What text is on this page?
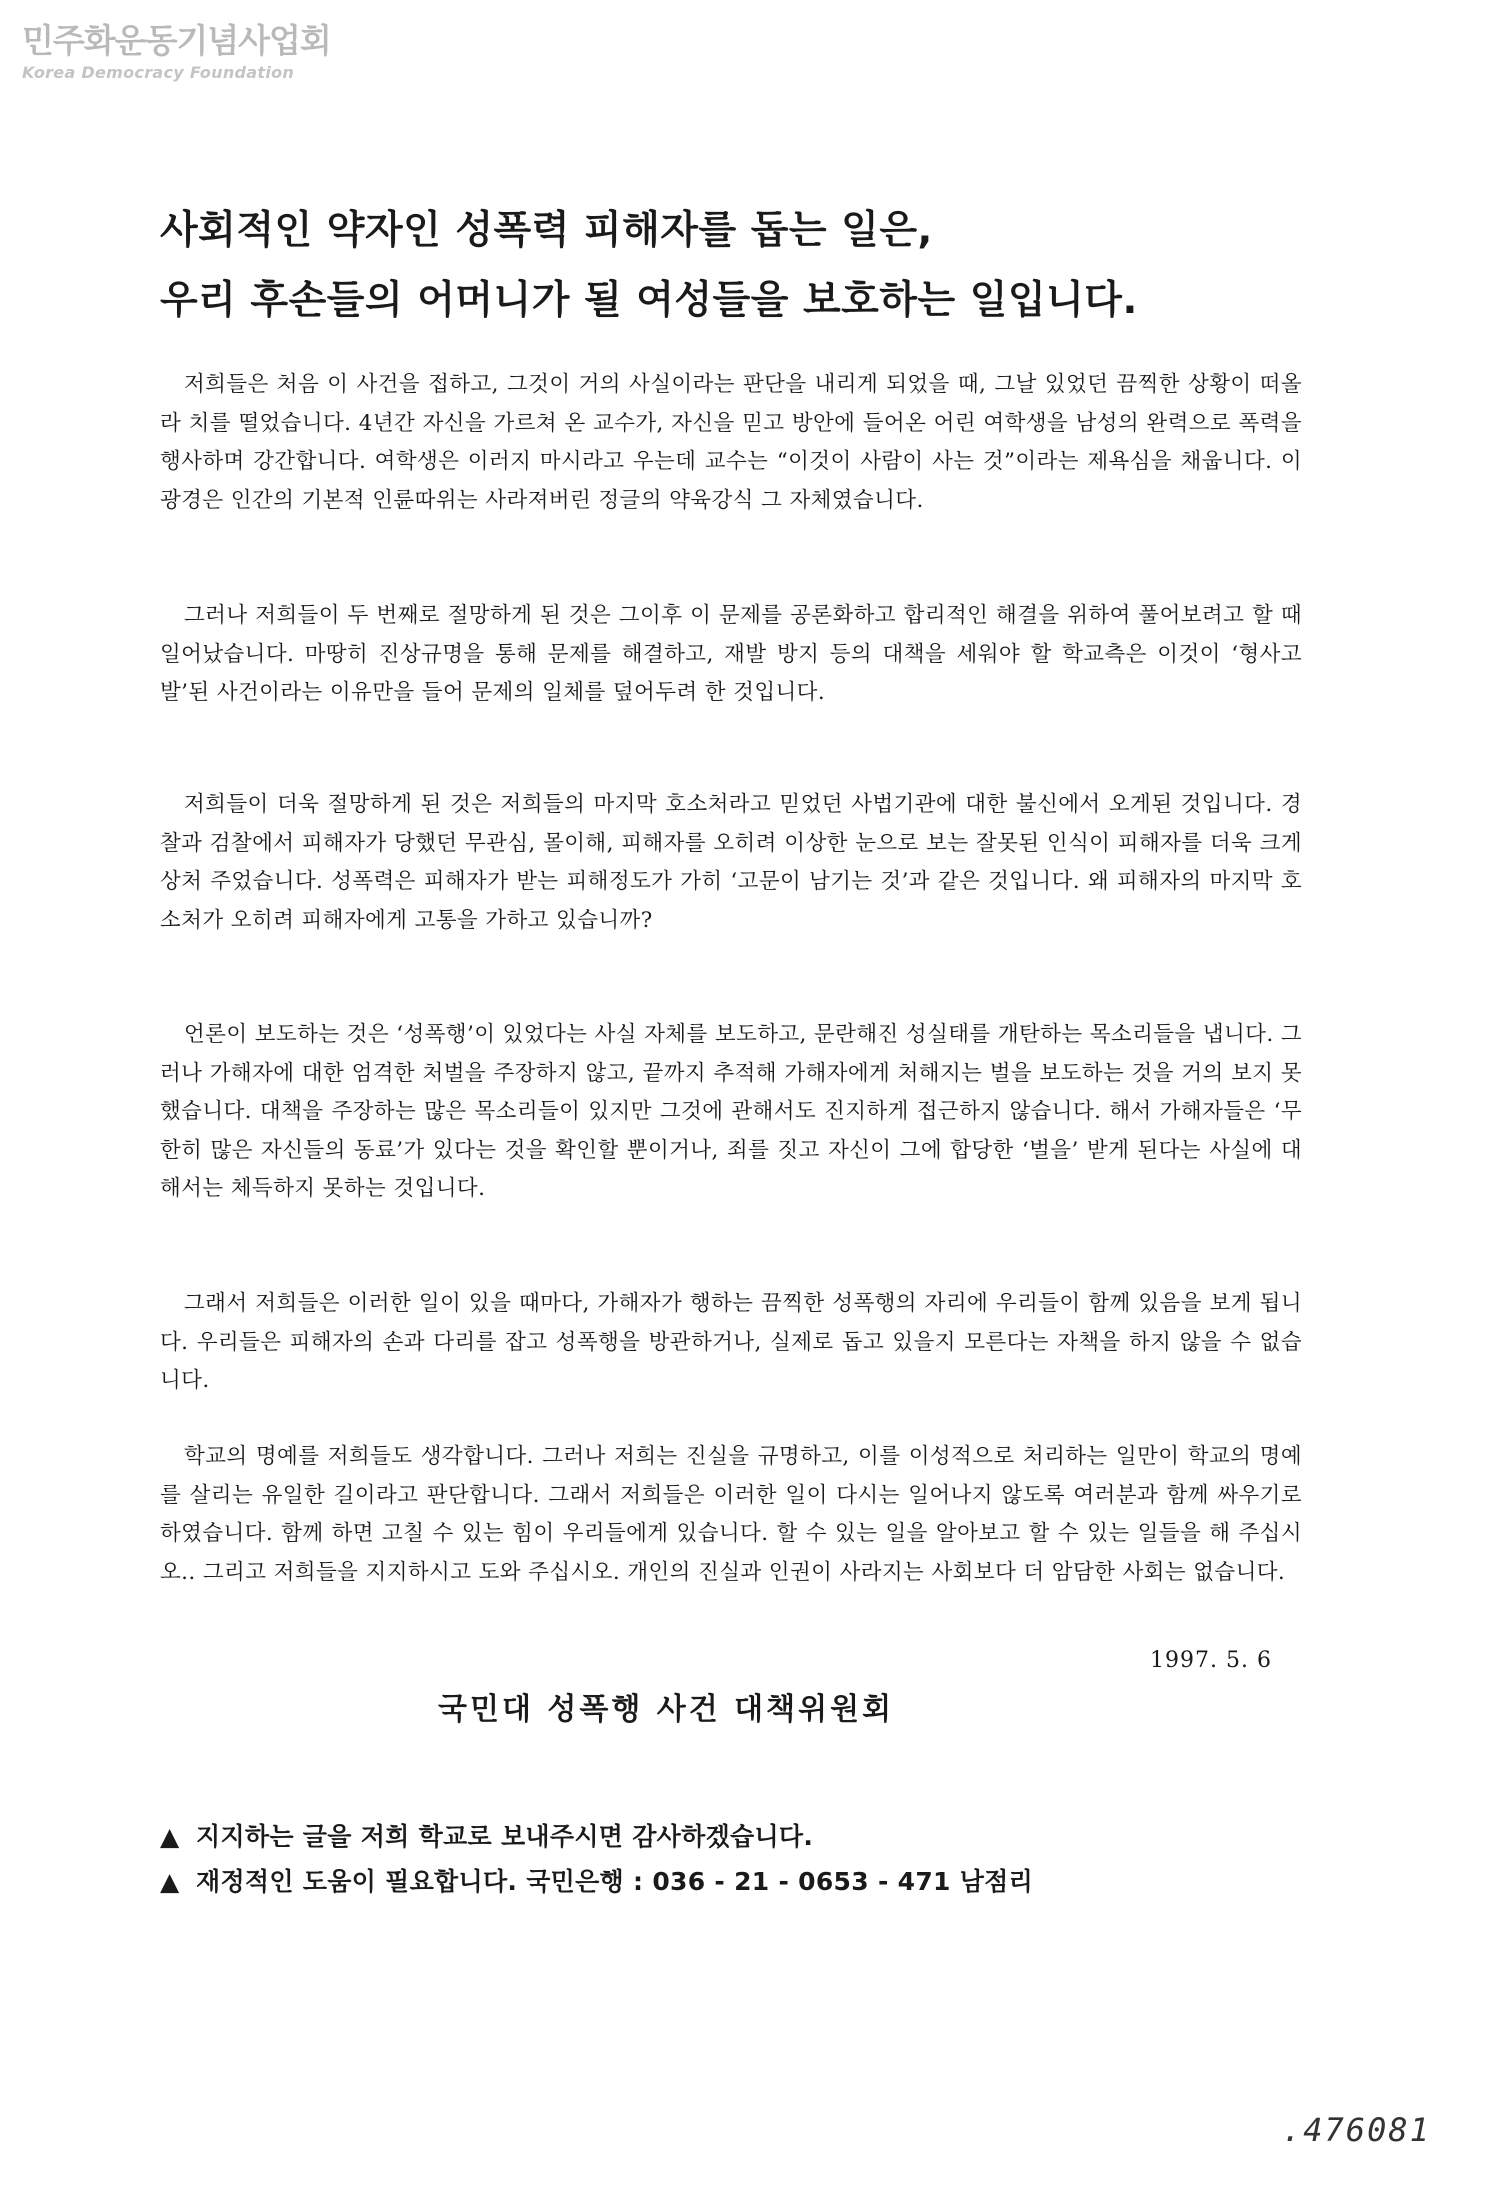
민주화운동기념사업회
Korea Democracy Foundation
사회적인 약자인 성폭력 피해자를 돕는 일은,
우리 후손들의 어머니가 될 여성들을 보호하는 일입니다.

저희들은 처음 이 사건을 접하고, 그것이 거의 사실이라는 판단을 내리게 되었을 때, 그날 있었던 끔찍한 상황이 떠올라 치를 떨었습니다. 4년간 자신을 가르쳐 온 교수가, 자신을 믿고 방안에 들어온 어린 여학생을 남성의 완력으로 폭력을 행사하며 강간합니다. 여학생은 이러지 마시라고 우는데 교수는 “이것이 사람이 사는 것”이라는 제욕심을 채웁니다. 이 광경은 인간의 기본적 인륜따위는 사라져버린 정글의 약육강식 그 자체였습니다.

그러나 저희들이 두 번째로 절망하게 된 것은 그이후 이 문제를 공론화하고 합리적인 해결을 위하여 풀어보려고 할 때 일어났습니다. 마땅히 진상규명을 통해 문제를 해결하고, 재발 방지 등의 대책을 세워야 할 학교측은 이것이 ‘형사고발’된 사건이라는 이유만을 들어 문제의 일체를 덮어두려 한 것입니다.

저희들이 더욱 절망하게 된 것은 저희들의 마지막 호소처라고 믿었던 사법기관에 대한 불신에서 오게된 것입니다. 경찰과 검찰에서 피해자가 당했던 무관심, 몰이해, 피해자를 오히려 이상한 눈으로 보는 잘못된 인식이 피해자를 더욱 크게 상처 주었습니다. 성폭력은 피해자가 받는 피해정도가 가히 ‘고문이 남기는 것’과 같은 것입니다. 왜 피해자의 마지막 호소처가 오히려 피해자에게 고통을 가하고 있습니까?

언론이 보도하는 것은 ‘성폭행’이 있었다는 사실 자체를 보도하고, 문란해진 성실태를 개탄하는 목소리들을 냅니다. 그러나 가해자에 대한 엄격한 처벌을 주장하지 않고, 끝까지 추적해 가해자에게 처해지는 벌을 보도하는 것을 거의 보지 못했습니다. 대책을 주장하는 많은 목소리들이 있지만 그것에 관해서도 진지하게 접근하지 않습니다. 해서 가해자들은 ‘무한히 많은 자신들의 동료’가 있다는 것을 확인할 뿐이거나, 죄를 짓고 자신이 그에 합당한 ‘벌을’ 받게 된다는 사실에 대해서는 체득하지 못하는 것입니다.

그래서 저희들은 이러한 일이 있을 때마다, 가해자가 행하는 끔찍한 성폭행의 자리에 우리들이 함께 있음을 보게 됩니다. 우리들은 피해자의 손과 다리를 잡고 성폭행을 방관하거나, 실제로 돕고 있을지 모른다는 자책을 하지 않을 수 없습니다.

학교의 명예를 저희들도 생각합니다. 그러나 저희는 진실을 규명하고, 이를 이성적으로 처리하는 일만이 학교의 명예를 살리는 유일한 길이라고 판단합니다. 그래서 저희들은 이러한 일이 다시는 일어나지 않도록 여러분과 함께 싸우기로 하였습니다. 함께 하면 고칠 수 있는 힘이 우리들에게 있습니다. 할 수 있는 일을 알아보고 할 수 있는 일들을 해 주십시오.. 그리고 저희들을 지지하시고 도와 주십시오. 개인의 진실과 인권이 사라지는 사회보다 더 암담한 사회는 없습니다.

1997. 5. 6
국민대 성폭행 사건 대책위원회
▲ 지지하는 글을 저희 학교로 보내주시면 감사하겠습니다.
▲ 재정적인 도움이 필요합니다. 국민은행 : 036 - 21 - 0653 - 471 남점리
.476081
